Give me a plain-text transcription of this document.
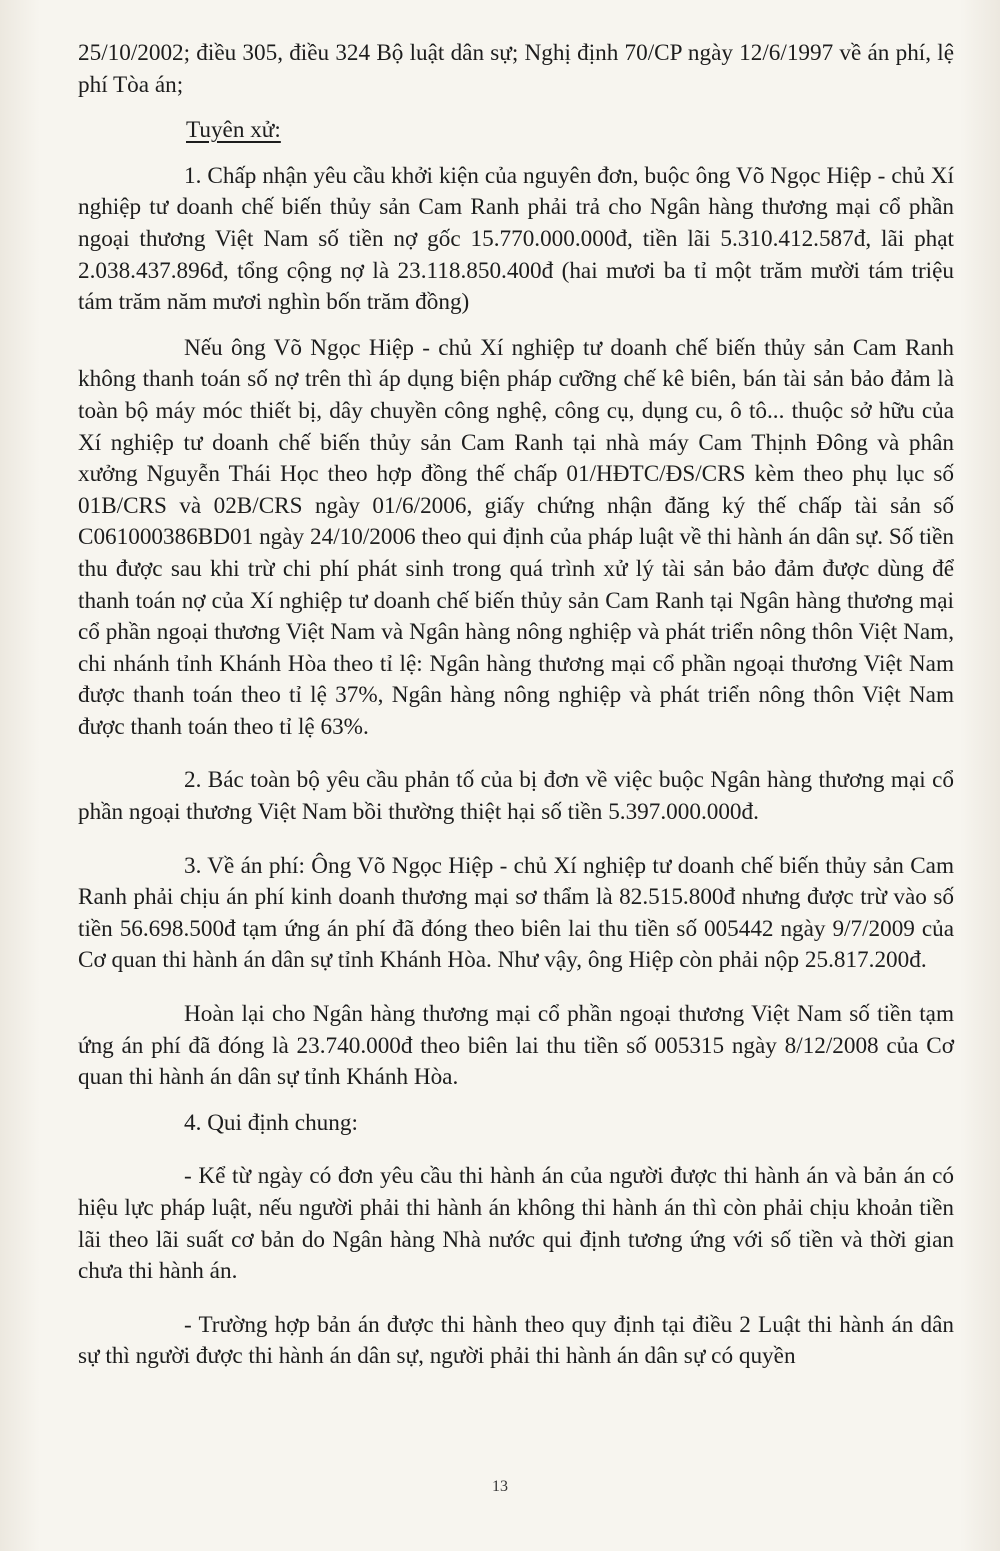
25/10/2002; điều 305, điều 324 Bộ luật dân sự; Nghị định 70/CP ngày 12/6/1997 về án phí, lệ phí Tòa án;

Tuyên xử:

1. Chấp nhận yêu cầu khởi kiện của nguyên đơn, buộc ông Võ Ngọc Hiệp - chủ Xí nghiệp tư doanh chế biến thủy sản Cam Ranh phải trả cho Ngân hàng thương mại cổ phần ngoại thương Việt Nam số tiền nợ gốc 15.770.000.000đ, tiền lãi 5.310.412.587đ, lãi phạt 2.038.437.896đ, tổng cộng nợ là 23.118.850.400đ (hai mươi ba tỉ một trăm mười tám triệu tám trăm năm mươi nghìn bốn trăm đồng)

Nếu ông Võ Ngọc Hiệp - chủ Xí nghiệp tư doanh chế biến thủy sản Cam Ranh không thanh toán số nợ trên thì áp dụng biện pháp cưỡng chế kê biên, bán tài sản bảo đảm là toàn bộ máy móc thiết bị, dây chuyền công nghệ, công cụ, dụng cu, ô tô... thuộc sở hữu của Xí nghiệp tư doanh chế biến thủy sản Cam Ranh tại nhà máy Cam Thịnh Đông và phân xưởng Nguyễn Thái Học theo hợp đồng thế chấp 01/HĐTC/ĐS/CRS kèm theo phụ lục số 01B/CRS và 02B/CRS ngày 01/6/2006, giấy chứng nhận đăng ký thế chấp tài sản số C061000386BD01 ngày 24/10/2006 theo qui định của pháp luật về thi hành án dân sự. Số tiền thu được sau khi trừ chi phí phát sinh trong quá trình xử lý tài sản bảo đảm được dùng để thanh toán nợ của Xí nghiệp tư doanh chế biến thủy sản Cam Ranh tại Ngân hàng thương mại cổ phần ngoại thương Việt Nam và Ngân hàng nông nghiệp và phát triển nông thôn Việt Nam, chi nhánh tỉnh Khánh Hòa theo tỉ lệ: Ngân hàng thương mại cổ phần ngoại thương Việt Nam được thanh toán theo tỉ lệ 37%, Ngân hàng nông nghiệp và phát triển nông thôn Việt Nam được thanh toán theo tỉ lệ 63%.

2. Bác toàn bộ yêu cầu phản tố của bị đơn về việc buộc Ngân hàng thương mại cổ phần ngoại thương Việt Nam bồi thường thiệt hại số tiền 5.397.000.000đ.

3. Về án phí: Ông Võ Ngọc Hiệp - chủ Xí nghiệp tư doanh chế biến thủy sản Cam Ranh phải chịu án phí kinh doanh thương mại sơ thẩm là 82.515.800đ nhưng được trừ vào số tiền 56.698.500đ tạm ứng án phí đã đóng theo biên lai thu tiền số 005442 ngày 9/7/2009 của Cơ quan thi hành án dân sự tỉnh Khánh Hòa. Như vậy, ông Hiệp còn phải nộp 25.817.200đ.

Hoàn lại cho Ngân hàng thương mại cổ phần ngoại thương Việt Nam số tiền tạm ứng án phí đã đóng là 23.740.000đ theo biên lai thu tiền số 005315 ngày 8/12/2008 của Cơ quan thi hành án dân sự tỉnh Khánh Hòa.

4. Qui định chung:

- Kể từ ngày có đơn yêu cầu thi hành án của người được thi hành án và bản án có hiệu lực pháp luật, nếu người phải thi hành án không thi hành án thì còn phải chịu khoản tiền lãi theo lãi suất cơ bản do Ngân hàng Nhà nước qui định tương ứng với số tiền và thời gian chưa thi hành án.

- Trường hợp bản án được thi hành theo quy định tại điều 2 Luật thi hành án dân sự thì người được thi hành án dân sự, người phải thi hành án dân sự có quyền

13
